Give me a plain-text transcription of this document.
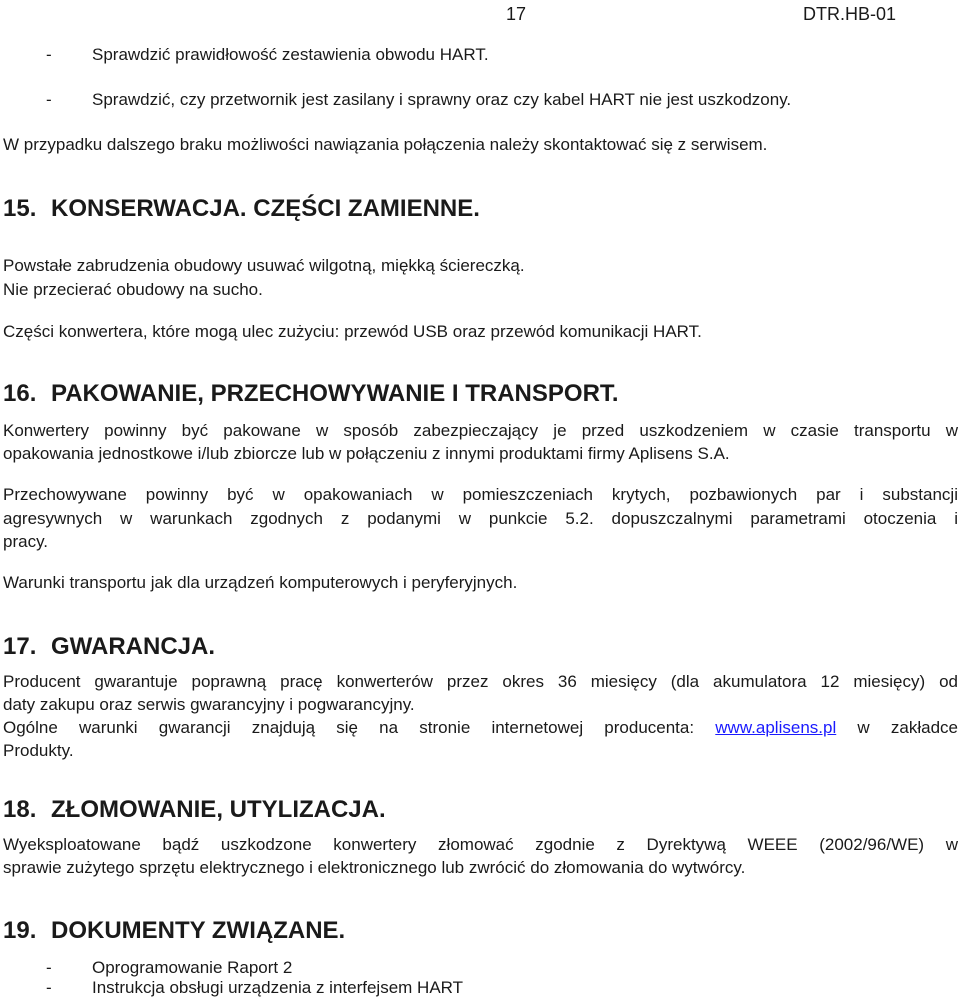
17	DTR.HB-01
- Sprawdzić prawidłowość zestawienia obwodu HART.
- Sprawdzić, czy przetwornik jest zasilany i sprawny oraz czy kabel HART nie jest uszkodzony.
W przypadku dalszego braku możliwości nawiązania połączenia należy skontaktować się z serwisem.
15. KONSERWACJA. CZĘŚCI ZAMIENNE.
Powstałe zabrudzenia obudowy usuwać wilgotną, miękką ściereczką.
Nie przecierać obudowy na sucho.
Części konwertera, które mogą ulec zużyciu: przewód USB oraz przewód komunikacji HART.
16. PAKOWANIE, PRZECHOWYWANIE I TRANSPORT.
Konwertery powinny być pakowane w sposób zabezpieczający je przed uszkodzeniem w czasie transportu w
opakowania jednostkowe i/lub zbiorcze lub w połączeniu z innymi produktami firmy Aplisens S.A.
Przechowywane powinny być w opakowaniach w pomieszczeniach krytych, pozbawionych par i substancji
agresywnych w warunkach zgodnych z podanymi w punkcie 5.2. dopuszczalnymi parametrami otoczenia i
pracy.
Warunki transportu jak dla urządzeń komputerowych i peryferyjnych.
17. GWARANCJA.
Producent gwarantuje poprawną pracę konwerterów przez okres 36 miesięcy (dla akumulatora 12 miesięcy) od
daty zakupu oraz serwis gwarancyjny i pogwarancyjny.
Ogólne warunki gwarancji znajdują się na stronie internetowej producenta: www.aplisens.pl w zakładce
Produkty.
18. ZŁOMOWANIE, UTYLIZACJA.
Wyeksploatowane bądź uszkodzone konwertery złomować zgodnie z Dyrektywą WEEE (2002/96/WE) w
sprawie zużytego sprzętu elektrycznego i elektronicznego lub zwrócić do złomowania do wytwórcy.
19. DOKUMENTY ZWIĄZANE.
- Oprogramowanie Raport 2
- Instrukcja obsługi urządzenia z interfejsem HART
